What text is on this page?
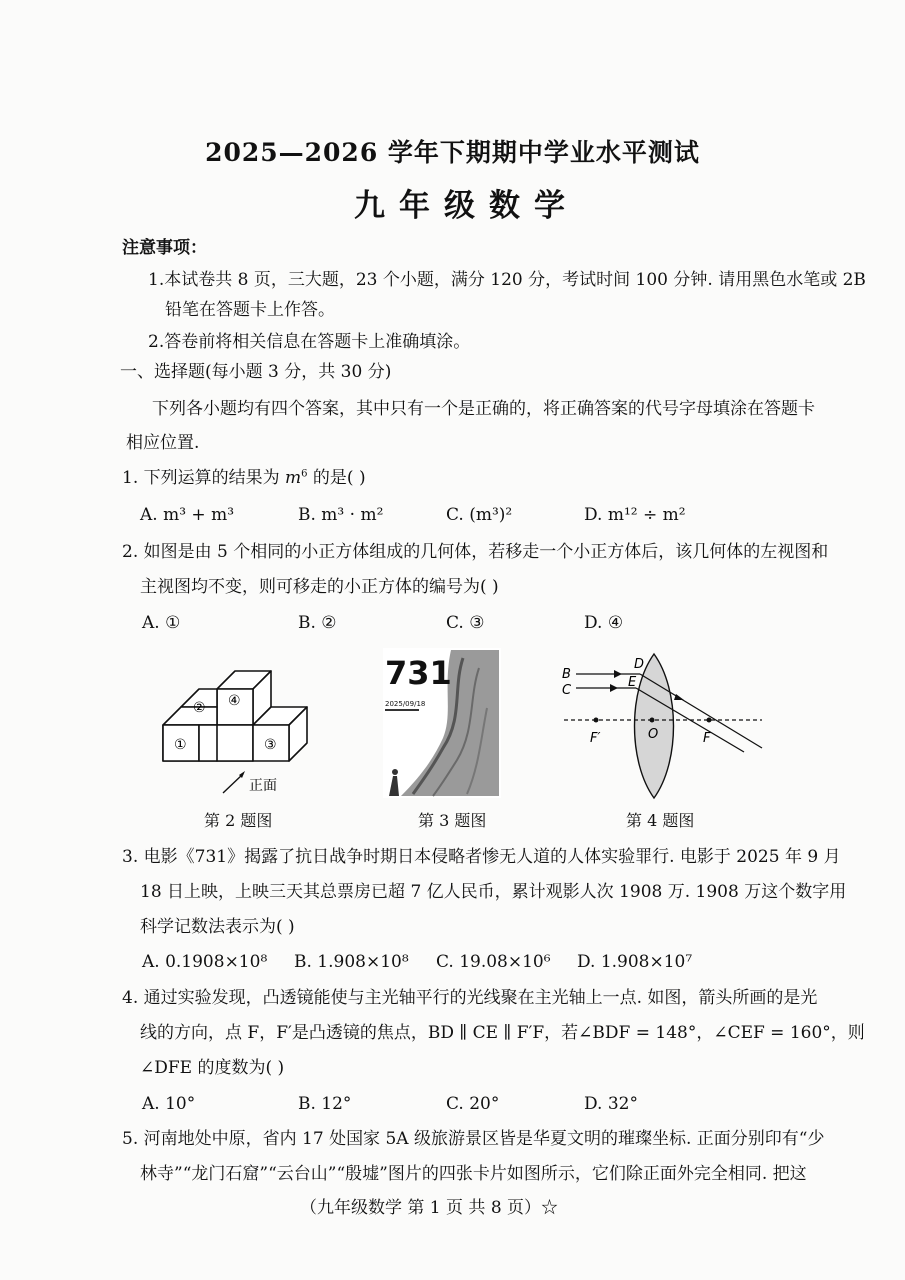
2025—2026 学年下期期中学业水平测试
九年级数学
注意事项：
1.本试卷共 8 页，三大题，23 个小题，满分 120 分，考试时间 100 分钟. 请用黑色水笔或 2B
铅笔在答题卡上作答。
2.答卷前将相关信息在答题卡上准确填涂。
一、选择题(每小题 3 分，共 30 分)
下列各小题均有四个答案，其中只有一个是正确的，将正确答案的代号字母填涂在答题卡
相应位置.
1. 下列运算的结果为 $m^6$ 的是( )
A. m³ + m³	B. m³ · m²	C. (m³)²	D. m¹² ÷ m²
2. 如图是由 5 个相同的小正方体组成的几何体，若移走一个小正方体后，该几何体的左视图和
主视图均不变，则可移走的小正方体的编号为( )
A. ①	B. ②	C. ③	D. ④
④
②
①	③
正面
第 2 题图
731
2025/09/18
第 3 题图
B
C
D
E
F′	O	F
第 4 题图
3. 电影《731》揭露了抗日战争时期日本侵略者惨无人道的人体实验罪行. 电影于 2025 年 9 月
18 日上映，上映三天其总票房已超 7 亿人民币，累计观影人次 1908 万. 1908 万这个数字用
科学记数法表示为( )
A. 0.1908×10⁸ B. 1.908×10⁸ C. 19.08×10⁶ D. 1.908×10⁷
4. 通过实验发现，凸透镜能使与主光轴平行的光线聚在主光轴上一点. 如图，箭头所画的是光
线的方向，点 F，F′是凸透镜的焦点，BD ∥ CE ∥ F′F，若∠BDF = 148°，∠CEF = 160°，则
∠DFE 的度数为( )
A. 10°	B. 12°	C. 20°	D. 32°
5. 河南地处中原，省内 17 处国家 5A 级旅游景区皆是华夏文明的璀璨坐标. 正面分别印有“少
林寺”“龙门石窟”“云台山”“殷墟”图片的四张卡片如图所示，它们除正面外完全相同. 把这
（九年级数学 第 1 页 共 8 页）☆
